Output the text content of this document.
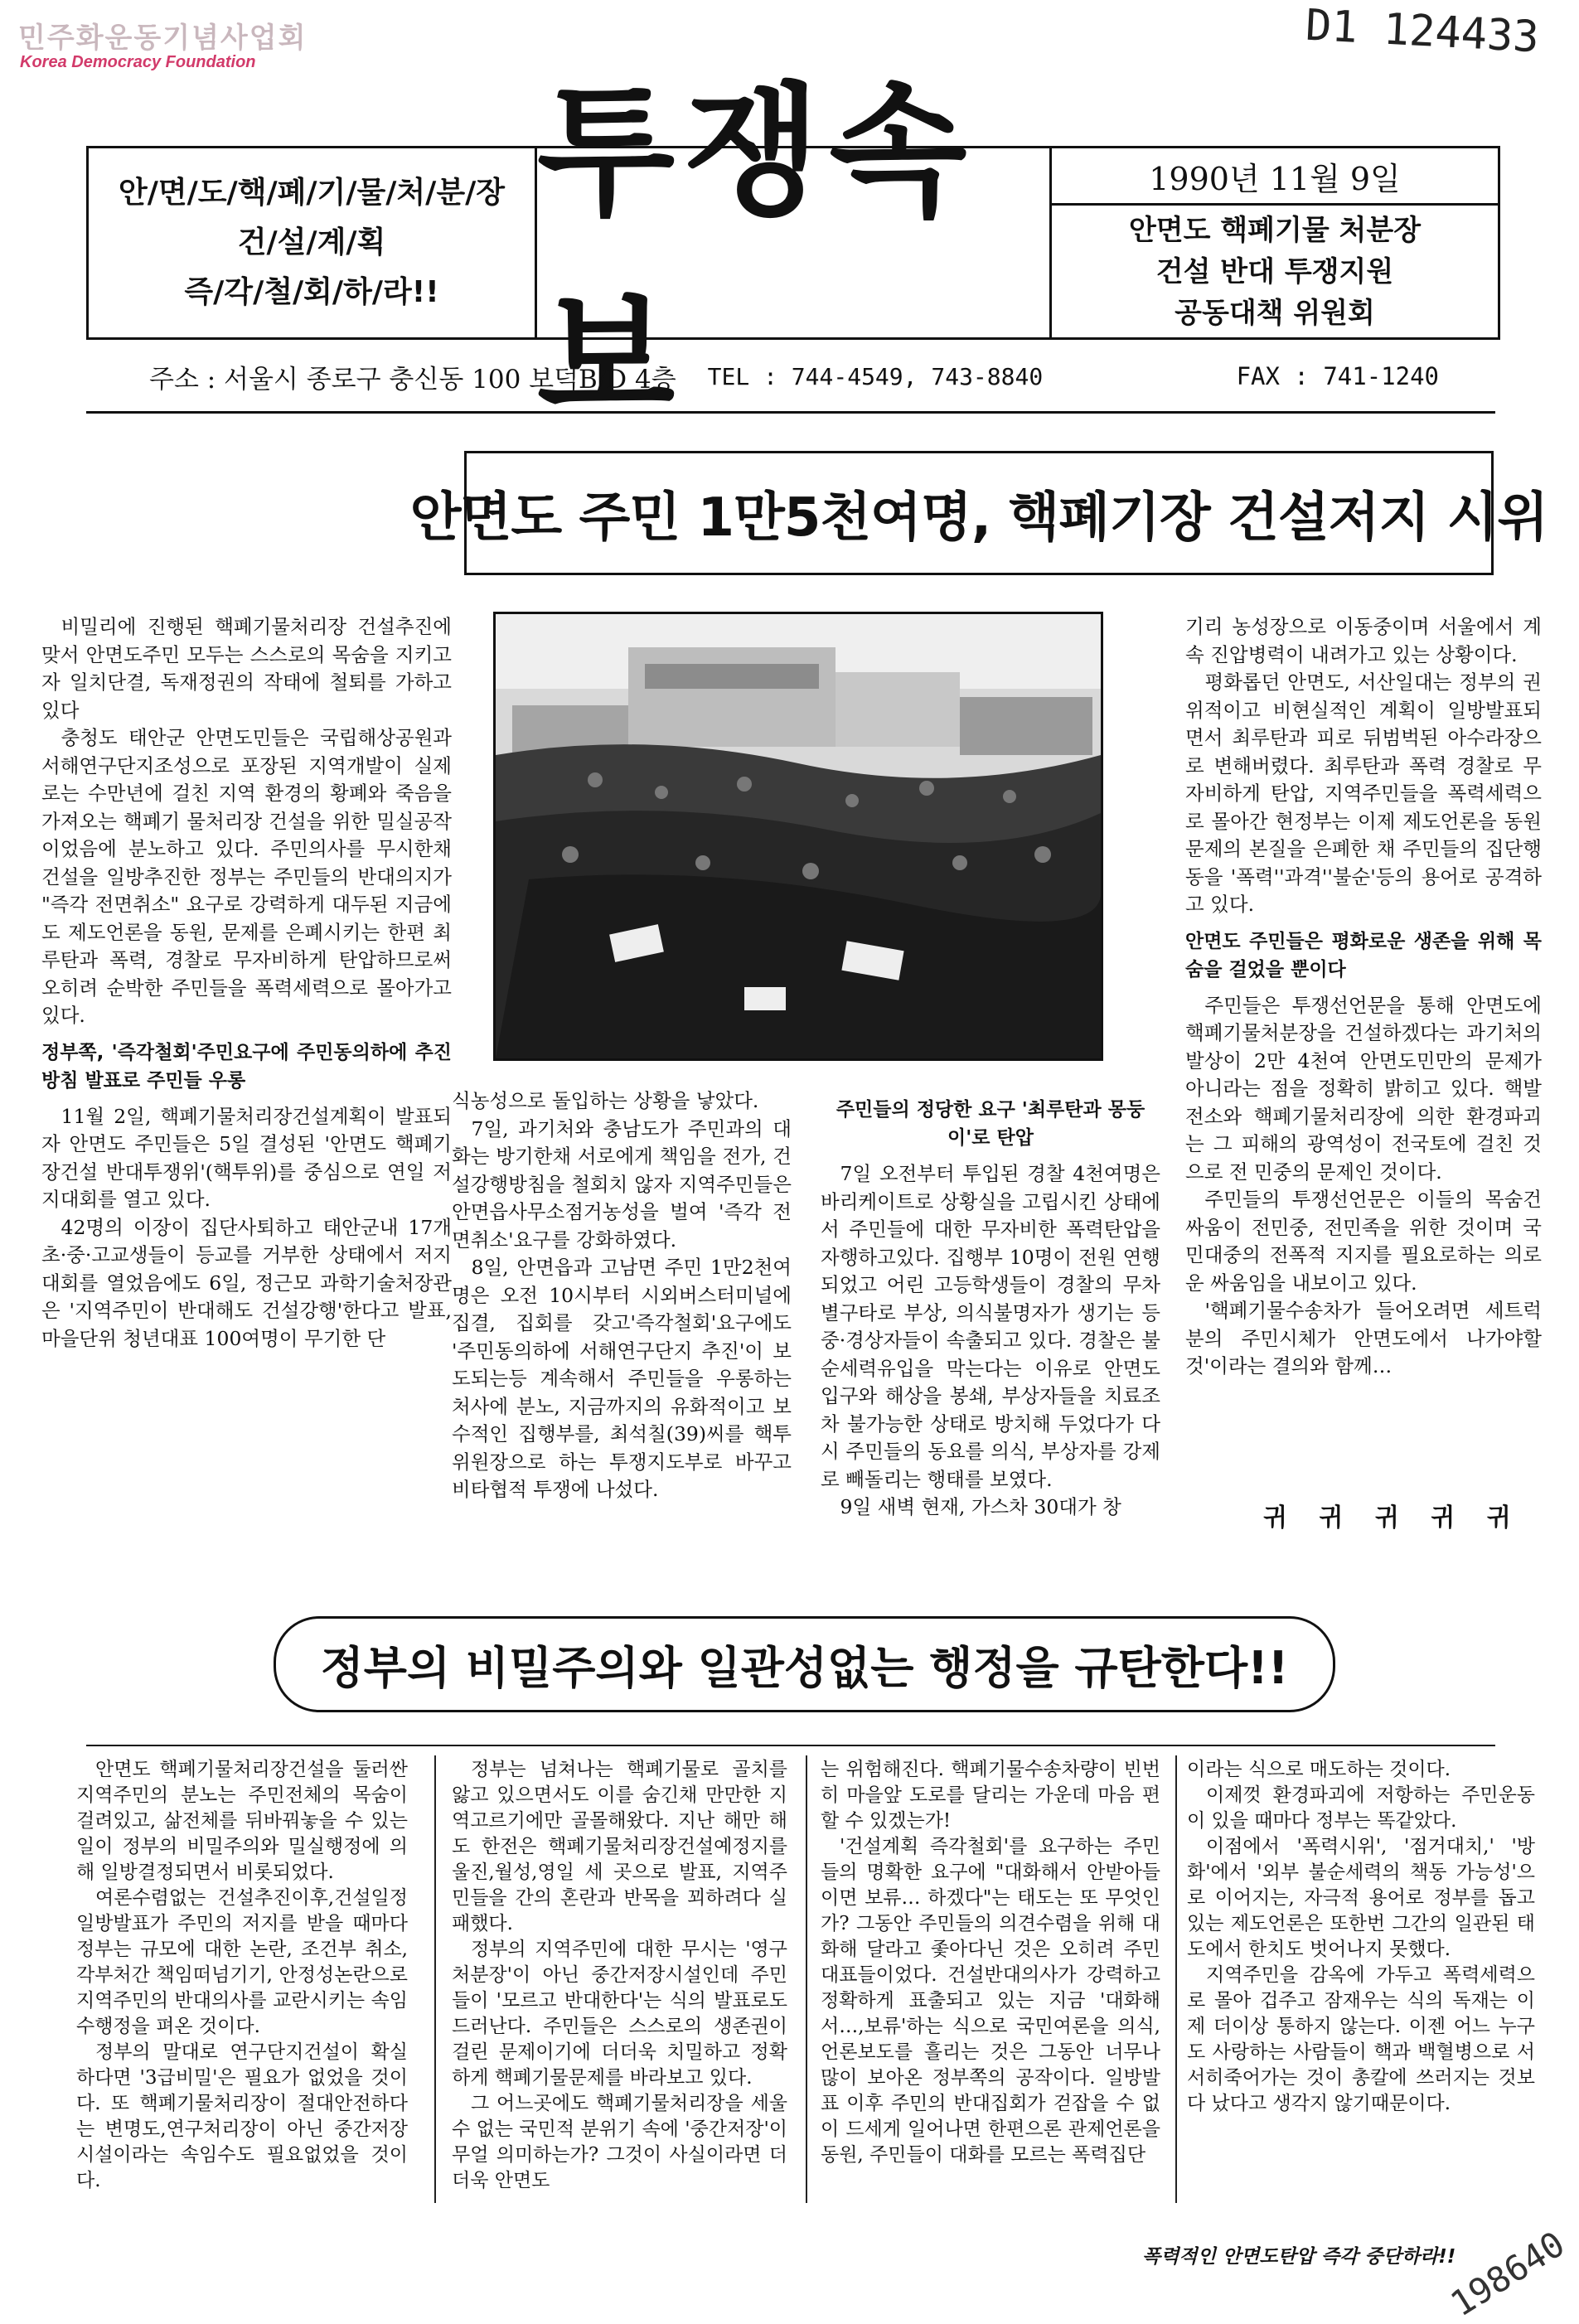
민주화운동기념사업회
Korea Democracy Foundation	D1 124433
198640
안/면/도/핵/폐/기/물/처/분/장
건/설/계/획
즉/각/철/회/하/라!!
투쟁속보
1990년 11월 9일
안면도 핵폐기물 처분장
건설 반대 투쟁지원
공동대책 위원회
주소 : 서울시 종로구 충신동 100 보덕B/D 4층 TEL : 744-4549, 743-8840	FAX : 741-1240
안면도 주민 1만5천여명, 핵폐기장 건설저지 시위

비밀리에 진행된 핵폐기물처리장 건설추진에 맞서 안면도주민 모두는 스스로의 목숨을 지키고자 일치단결, 독재정권의 작태에 철퇴를 가하고 있다

충청도 태안군 안면도민들은 국립해상공원과 서해연구단지조성으로 포장된 지역개발이 실제로는 수만년에 걸친 지역 환경의 황폐와 죽음을 가져오는 핵폐기 물처리장 건설을 위한 밀실공작이었음에 분노하고 있다. 주민의사를 무시한채 건설을 일방추진한 정부는 주민들의 반대의지가 "즉각 전면취소" 요구로 강력하게 대두된 지금에도 제도언론을 동원, 문제를 은폐시키는 한편 최루탄과 폭력, 경찰로 무자비하게 탄압하므로써 오히려 순박한 주민들을 폭력세력으로 몰아가고 있다.

정부쪽, '즉각철회'주민요구에 주민동의하에 추진방침 발표로 주민들 우롱

11월 2일, 핵폐기물처리장건설계획이 발표되자 안면도 주민들은 5일 결성된 '안면도 핵폐기장건설 반대투쟁위'(핵투위)를 중심으로 연일 저지대회를 열고 있다.

42명의 이장이 집단사퇴하고 태안군내 17개 초·중·고교생들이 등교를 거부한 상태에서 저지대회를 열었음에도 6일, 정근모 과학기술처장관은 '지역주민이 반대해도 건설강행'한다고 발표, 마을단위 청년대표 100여명이 무기한 단

식농성으로 돌입하는 상황을 낳았다.

7일, 과기처와 충남도가 주민과의 대화는 방기한채 서로에게 책임을 전가, 건설강행방침을 철회치 않자 지역주민들은 안면읍사무소점거농성을 벌여 '즉각 전면취소'요구를 강화하였다.

8일, 안면읍과 고남면 주민 1만2천여명은 오전 10시부터 시외버스터미널에 집결, 집회를 갖고'즉각철회'요구에도 '주민동의하에 서해연구단지 추진'이 보도되는등 계속해서 주민들을 우롱하는 처사에 분노, 지금까지의 유화적이고 보수적인 집행부를, 최석칠(39)씨를 핵투위원장으로 하는 투쟁지도부로 바꾸고 비타협적 투쟁에 나섰다.

주민들의 정당한 요구 '최루탄과 몽둥이'로 탄압

7일 오전부터 투입된 경찰 4천여명은 바리케이트로 상황실을 고립시킨 상태에서 주민들에 대한 무자비한 폭력탄압을 자행하고있다. 집행부 10명이 전원 연행되었고 어린 고등학생들이 경찰의 무차별구타로 부상, 의식불명자가 생기는 등 중·경상자들이 속출되고 있다. 경찰은 불순세력유입을 막는다는 이유로 안면도 입구와 해상을 봉쇄, 부상자들을 치료조차 불가능한 상태로 방치해 두었다가 다시 주민들의 동요를 의식, 부상자를 강제로 빼돌리는 행태를 보였다.

9일 새벽 현재, 가스차 30대가 창

기리 농성장으로 이동중이며 서울에서 계속 진압병력이 내려가고 있는 상황이다.

평화롭던 안면도, 서산일대는 정부의 권위적이고 비현실적인 계획이 일방발표되면서 최루탄과 피로 뒤범벅된 아수라장으로 변해버렸다. 최루탄과 폭력 경찰로 무자비하게 탄압, 지역주민들을 폭력세력으로 몰아간 현정부는 이제 제도언론을 동원 문제의 본질을 은폐한 채 주민들의 집단행동을 '폭력''과격''불순'등의 용어로 공격하고 있다.

안면도 주민들은 평화로운 생존을 위해 목숨을 걸었을 뿐이다

주민들은 투쟁선언문을 통해 안면도에 핵폐기물처분장을 건설하겠다는 과기처의 발상이 2만 4천여 안면도민만의 문제가 아니라는 점을 정확히 밝히고 있다. 핵발전소와 핵폐기물처리장에 의한 환경파괴는 그 피해의 광역성이 전국토에 걸친 것으로 전 민중의 문제인 것이다.

주민들의 투쟁선언문은 이들의 목숨건 싸움이 전민중, 전민족을 위한 것이며 국민대중의 전폭적 지지를 필요로하는 의로운 싸움임을 내보이고 있다.

'핵폐기물수송차가 들어오려면 세트럭분의 주민시체가 안면도에서 나가야할 것'이라는 결의와 함께…

귀 귀 귀 귀 귀
정부의 비밀주의와 일관성없는 행정을 규탄한다!!

안면도 핵폐기물처리장건설을 둘러싼 지역주민의 분노는 주민전체의 목숨이 걸려있고, 삶전체를 뒤바꿔놓을 수 있는 일이 정부의 비밀주의와 밀실행정에 의해 일방결정되면서 비롯되었다.

여론수렴없는 건설추진이후,건설일정일방발표가 주민의 저지를 받을 때마다 정부는 규모에 대한 논란, 조건부 취소, 각부처간 책임떠넘기기, 안정성논란으로 지역주민의 반대의사를 교란시키는 속임수행정을 펴온 것이다.

정부의 말대로 연구단지건설이 확실하다면 '3급비밀'은 필요가 없었을 것이다. 또 핵폐기물처리장이 절대안전하다는 변명도,연구처리장이 아닌 중간저장시설이라는 속임수도 필요없었을 것이다.

정부는 넘쳐나는 핵폐기물로 골치를 앓고 있으면서도 이를 숨긴채 만만한 지역고르기에만 골몰해왔다. 지난 해만 해도 한전은 핵폐기물처리장건설예정지를 울진,월성,영일 세 곳으로 발표, 지역주민들을 간의 혼란과 반목을 꾀하려다 실패했다.

정부의 지역주민에 대한 무시는 '영구처분장'이 아닌 중간저장시설인데 주민들이 '모르고 반대한다'는 식의 발표로도 드러난다. 주민들은 스스로의 생존권이 걸린 문제이기에 더더욱 치밀하고 정확하게 핵폐기물문제를 바라보고 있다.

그 어느곳에도 핵폐기물처리장을 세울 수 없는 국민적 분위기 속에 '중간저장'이 무얼 의미하는가? 그것이 사실이라면 더더욱 안면도

는 위험해진다. 핵폐기물수송차량이 빈번히 마을앞 도로를 달리는 가운데 마음 편할 수 있겠는가!

'건설계획 즉각철회'를 요구하는 주민들의 명확한 요구에 "대화해서 안받아들이면 보류… 하겠다"는 태도는 또 무엇인가? 그동안 주민들의 의견수렴을 위해 대화해 달라고 좇아다닌 것은 오히려 주민대표들이었다. 건설반대의사가 강력하고 정확하게 표출되고 있는 지금 '대화해서…,보류'하는 식으로 국민여론을 의식, 언론보도를 흘리는 것은 그동안 너무나 많이 보아온 정부쪽의 공작이다. 일방발표 이후 주민의 반대집회가 걷잡을 수 없이 드세게 일어나면 한편으론 관제언론을 동원, 주민들이 대화를 모르는 폭력집단

이라는 식으로 매도하는 것이다.

이제껏 환경파괴에 저항하는 주민운동이 있을 때마다 정부는 똑같았다.

이점에서 '폭력시위', '점거대치,' '방화'에서 '외부 불순세력의 책동 가능성'으로 이어지는, 자극적 용어로 정부를 돕고있는 제도언론은 또한번 그간의 일관된 태도에서 한치도 벗어나지 못했다.

지역주민을 감옥에 가두고 폭력세력으로 몰아 겁주고 잠재우는 식의 독재는 이제 더이상 통하지 않는다. 이젠 어느 누구도 사랑하는 사람들이 핵과 백혈병으로 서서히죽어가는 것이 총칼에 쓰러지는 것보다 났다고 생각지 않기때문이다.

폭력적인 안면도탄압 즉각 중단하라!!
